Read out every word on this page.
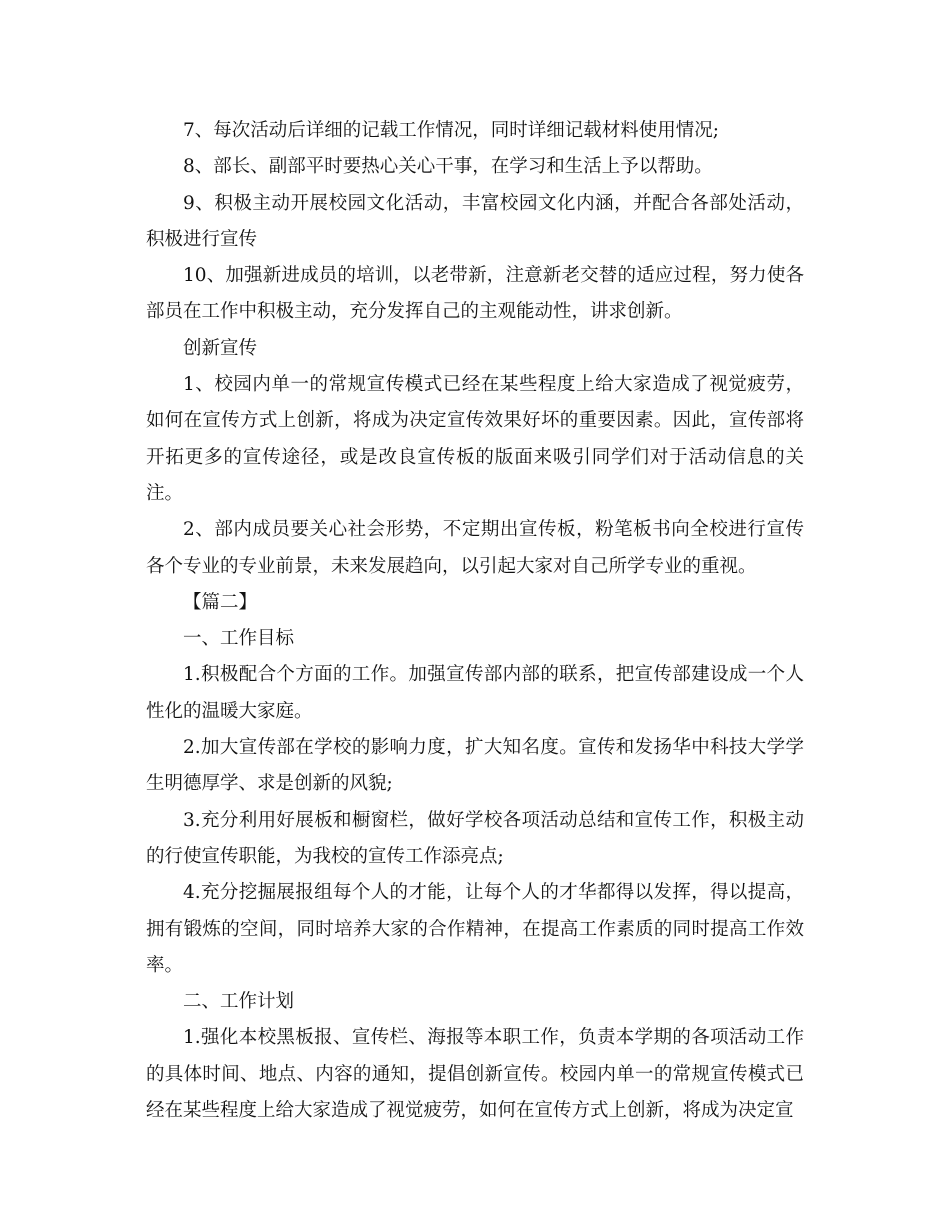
7、每次活动后详细的记载工作情况，同时详细记载材料使用情况;

8、部长、副部平时要热心关心干事，在学习和生活上予以帮助。

9、积极主动开展校园文化活动，丰富校园文化内涵，并配合各部处活动，积极进行宣传

10、加强新进成员的培训，以老带新，注意新老交替的适应过程，努力使各部员在工作中积极主动，充分发挥自己的主观能动性，讲求创新。

创新宣传

1、校园内单一的常规宣传模式已经在某些程度上给大家造成了视觉疲劳，如何在宣传方式上创新，将成为决定宣传效果好坏的重要因素。因此，宣传部将开拓更多的宣传途径，或是改良宣传板的版面来吸引同学们对于活动信息的关注。

2、部内成员要关心社会形势，不定期出宣传板，粉笔板书向全校进行宣传各个专业的专业前景，未来发展趋向，以引起大家对自己所学专业的重视。

【篇二】

一、工作目标

1.积极配合个方面的工作。加强宣传部内部的联系，把宣传部建设成一个人性化的温暖大家庭。

2.加大宣传部在学校的影响力度，扩大知名度。宣传和发扬华中科技大学学生明德厚学、求是创新的风貌;

3.充分利用好展板和橱窗栏，做好学校各项活动总结和宣传工作，积极主动的行使宣传职能，为我校的宣传工作添亮点;

4.充分挖掘展报组每个人的才能，让每个人的才华都得以发挥，得以提高，拥有锻炼的空间，同时培养大家的合作精神，在提高工作素质的同时提高工作效率。

二、工作计划

1.强化本校黑板报、宣传栏、海报等本职工作，负责本学期的各项活动工作的具体时间、地点、内容的通知，提倡创新宣传。校园内单一的常规宣传模式已经在某些程度上给大家造成了视觉疲劳，如何在宣传方式上创新，将成为决定宣
